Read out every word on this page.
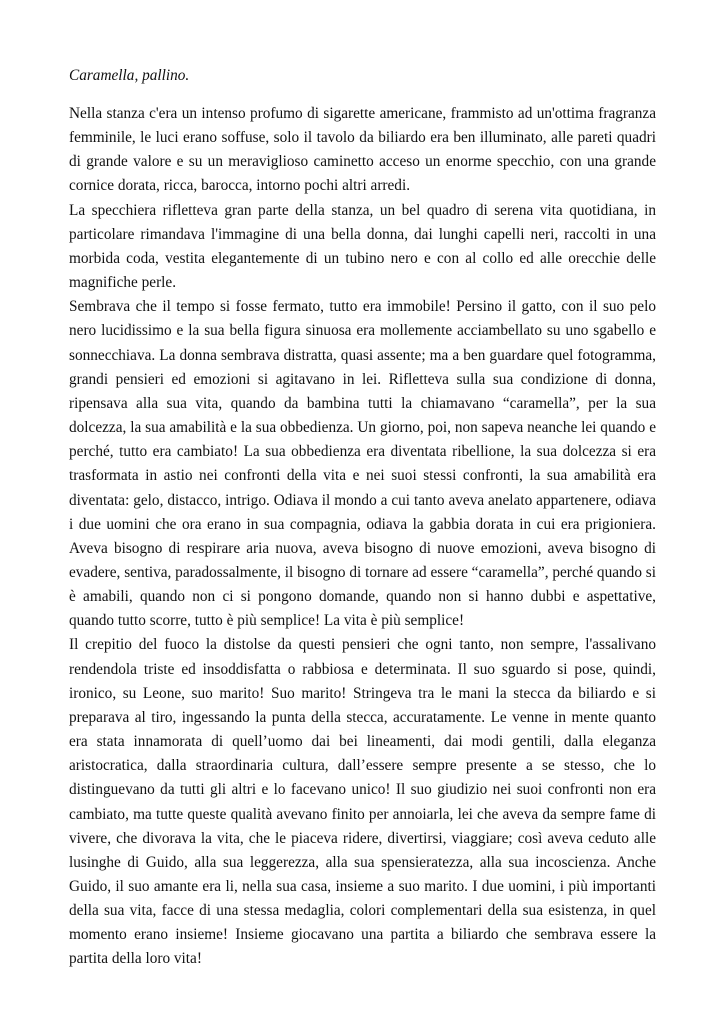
Caramella, pallino.

Nella stanza c'era un intenso profumo di sigarette americane, frammisto ad un'ottima fragranza femminile, le luci erano soffuse, solo il tavolo da biliardo era ben illuminato, alle pareti quadri di grande valore e su un meraviglioso caminetto acceso un enorme specchio, con una grande cornice dorata, ricca, barocca, intorno pochi altri arredi.

La specchiera rifletteva gran parte della stanza, un bel quadro di serena vita quotidiana, in particolare rimandava l'immagine di una bella donna, dai lunghi capelli neri, raccolti in una morbida coda, vestita elegantemente di un tubino nero e con al collo ed alle orecchie delle magnifiche perle.

Sembrava che il tempo si fosse fermato, tutto era immobile! Persino il gatto, con il suo pelo nero lucidissimo e la sua bella figura sinuosa era mollemente acciambellato su uno sgabello e sonnecchiava. La donna sembrava distratta, quasi assente; ma a ben guardare quel fotogramma, grandi pensieri ed emozioni si agitavano in lei. Rifletteva sulla sua condizione di donna, ripensava alla sua vita, quando da bambina tutti la chiamavano “caramella”, per la sua dolcezza, la sua amabilità e la sua obbedienza. Un giorno, poi, non sapeva neanche lei quando e perché, tutto era cambiato! La sua obbedienza era diventata ribellione, la sua dolcezza si era trasformata in astio nei confronti della vita e nei suoi stessi confronti, la sua amabilità era diventata: gelo, distacco, intrigo. Odiava il mondo a cui tanto aveva anelato appartenere, odiava i due uomini che ora erano in sua compagnia, odiava la gabbia dorata in cui era prigioniera. Aveva bisogno di respirare aria nuova, aveva bisogno di nuove emozioni, aveva bisogno di evadere, sentiva, paradossalmente, il bisogno di tornare ad essere “caramella”, perché quando si è amabili, quando non ci si pongono domande, quando non si hanno dubbi e aspettative, quando tutto scorre, tutto è più semplice! La vita è più semplice!

Il crepitio del fuoco la distolse da questi pensieri che ogni tanto, non sempre, l'assalivano rendendola triste ed insoddisfatta o rabbiosa e determinata. Il suo sguardo si pose, quindi, ironico, su Leone, suo marito! Suo marito! Stringeva tra le mani la stecca da biliardo e si preparava al tiro, ingessando la punta della stecca, accuratamente. Le venne in mente quanto era stata innamorata di quell’uomo dai bei lineamenti, dai modi gentili, dalla eleganza aristocratica, dalla straordinaria cultura, dall’essere sempre presente a se stesso, che lo distinguevano da tutti gli altri e lo facevano unico! Il suo giudizio nei suoi confronti non era cambiato, ma tutte queste qualità avevano finito per annoiarla, lei che aveva da sempre fame di vivere, che divorava la vita, che le piaceva ridere, divertirsi, viaggiare; così aveva ceduto alle lusinghe di Guido, alla sua leggerezza, alla sua spensieratezza, alla sua incoscienza. Anche Guido, il suo amante era li, nella sua casa, insieme a suo marito. I due uomini, i più importanti della sua vita, facce di una stessa medaglia, colori complementari della sua esistenza, in quel momento erano insieme! Insieme giocavano una partita a biliardo che sembrava essere la partita della loro vita!
